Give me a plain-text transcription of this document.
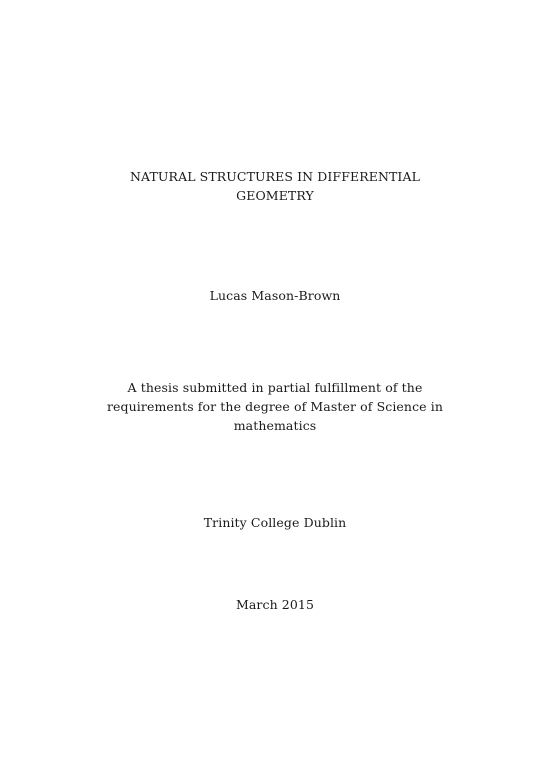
NATURAL STRUCTURES IN DIFFERENTIAL
GEOMETRY
Lucas Mason-Brown
A thesis submitted in partial fulfillment of the
requirements for the degree of Master of Science in
mathematics
Trinity College Dublin
March 2015
